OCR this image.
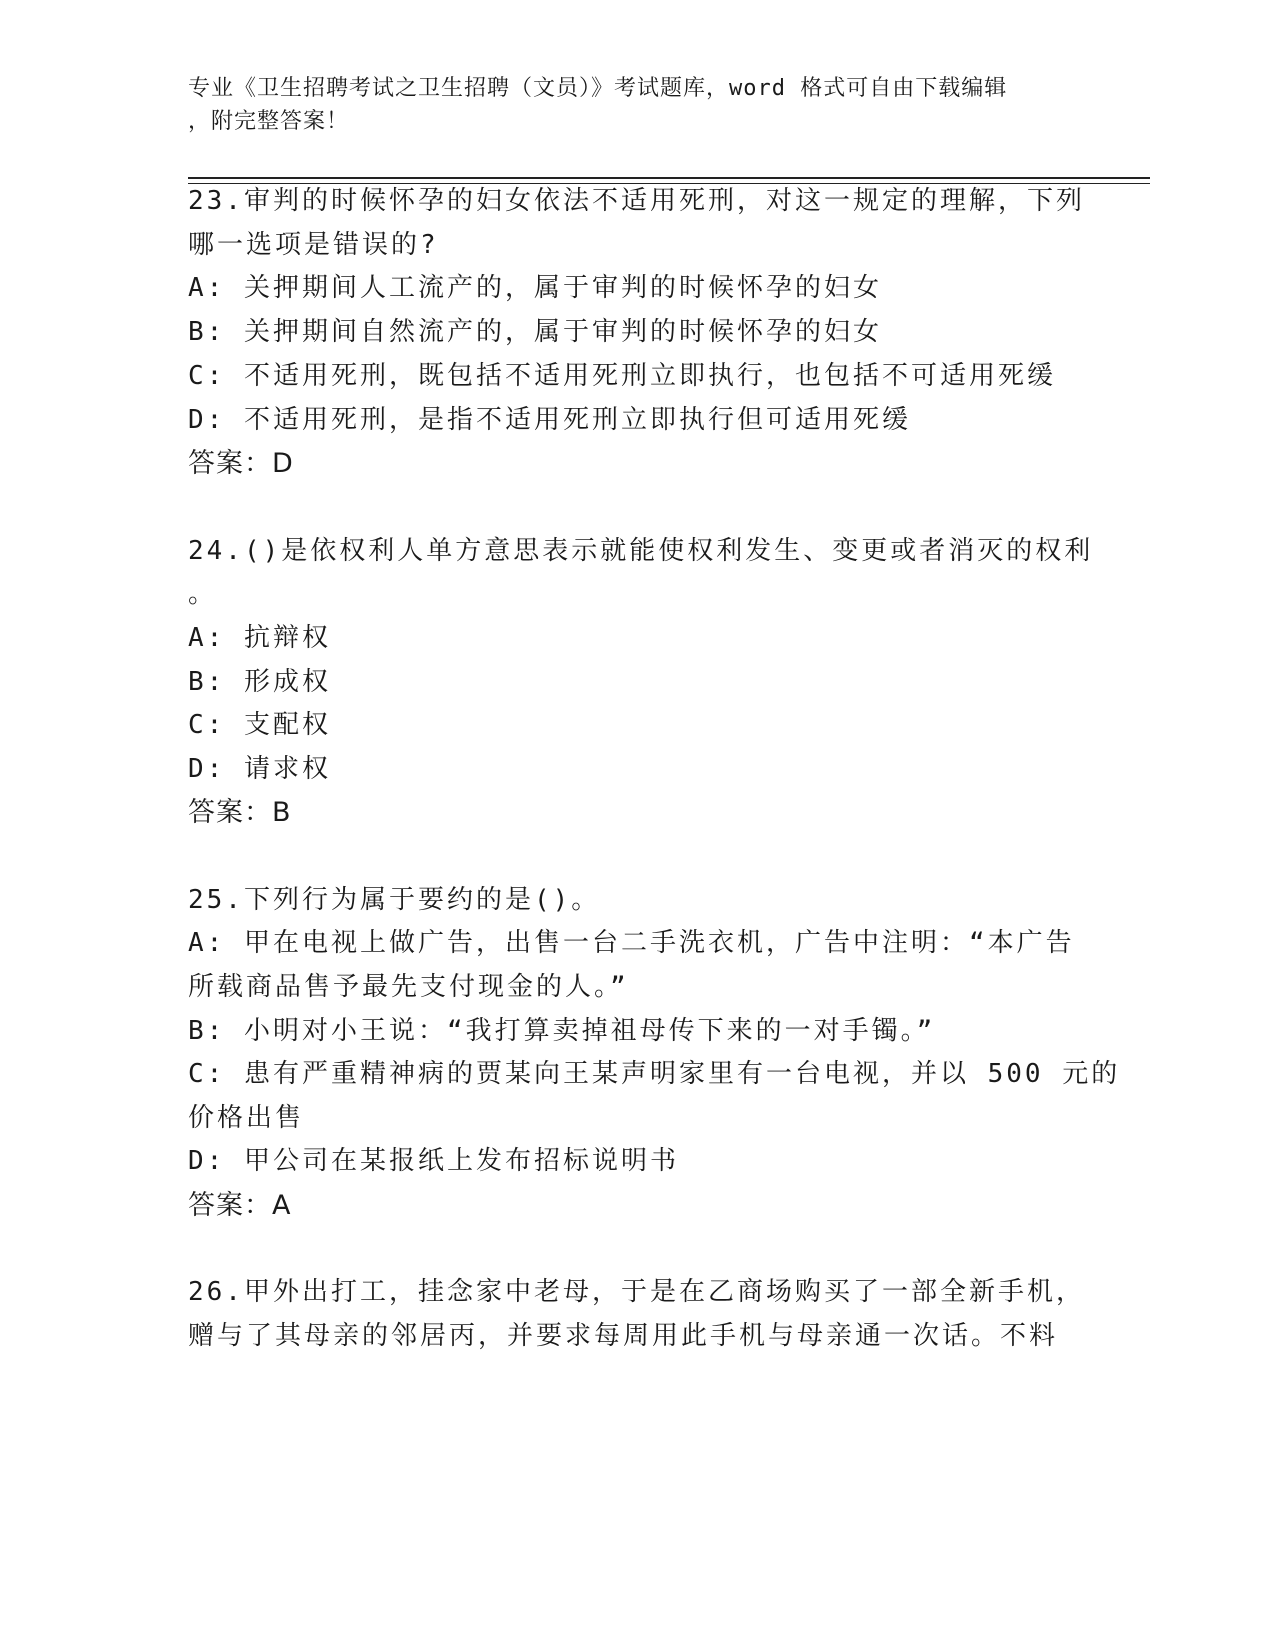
专业《卫生招聘考试之卫生招聘（文员）》考试题库，word 格式可自由下载编辑
，附完整答案！
23.审判的时候怀孕的妇女依法不适用死刑，对这一规定的理解，下列
哪一选项是错误的?
A: 关押期间人工流产的，属于审判的时候怀孕的妇女
B: 关押期间自然流产的，属于审判的时候怀孕的妇女
C: 不适用死刑，既包括不适用死刑立即执行，也包括不可适用死缓
D: 不适用死刑，是指不适用死刑立即执行但可适用死缓
答案：D
24.()是依权利人单方意思表示就能使权利发生、变更或者消灭的权利
。
A: 抗辩权
B: 形成权
C: 支配权
D: 请求权
答案：B
25.下列行为属于要约的是()。
A: 甲在电视上做广告，出售一台二手洗衣机，广告中注明：“本广告
所载商品售予最先支付现金的人。”
B: 小明对小王说：“我打算卖掉祖母传下来的一对手镯。”
C: 患有严重精神病的贾某向王某声明家里有一台电视，并以 500 元的
价格出售
D: 甲公司在某报纸上发布招标说明书
答案：A
26.甲外出打工，挂念家中老母，于是在乙商场购买了一部全新手机，
赠与了其母亲的邻居丙，并要求每周用此手机与母亲通一次话。不料
